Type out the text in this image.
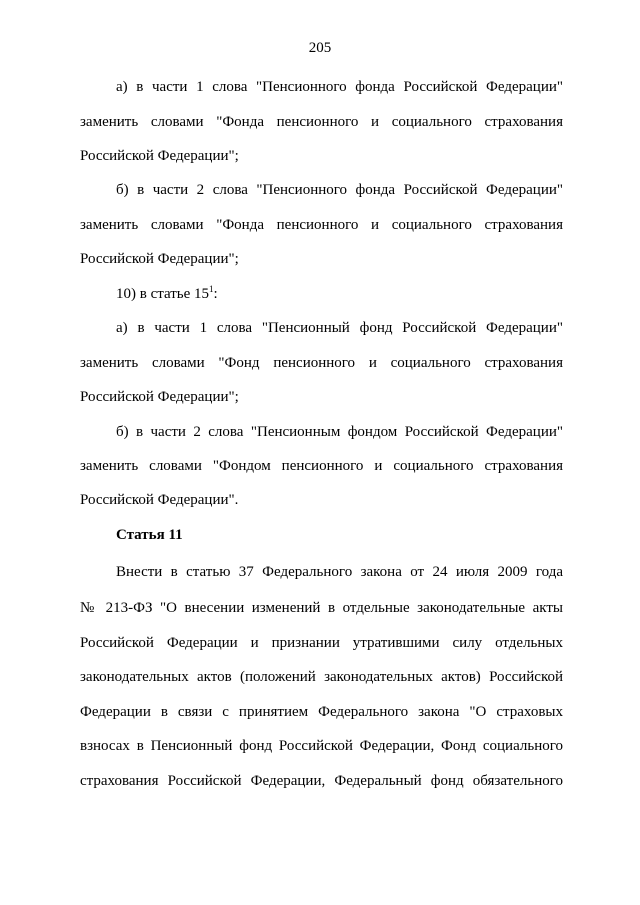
205
а) в части 1 слова "Пенсионного фонда Российской Федерации"
заменить словами "Фонда пенсионного и социального страхования
Российской Федерации";
б) в части 2 слова "Пенсионного фонда Российской Федерации"
заменить словами "Фонда пенсионного и социального страхования
Российской Федерации";
10) в статье $15^1$:
а) в части 1 слова "Пенсионный фонд Российской Федерации"
заменить словами "Фонд пенсионного и социального страхования
Российской Федерации";
б) в части 2 слова "Пенсионным фондом Российской Федерации"
заменить словами "Фондом пенсионного и социального страхования
Российской Федерации".
Статья 11
Внести в статью 37 Федерального закона от 24 июля 2009 года
№ 213-ФЗ "О внесении изменений в отдельные законодательные акты
Российской Федерации и признании утратившими силу отдельных
законодательных актов (положений законодательных актов) Российской
Федерации в связи с принятием Федерального закона "О страховых
взносах в Пенсионный фонд Российской Федерации, Фонд социального
страхования Российской Федерации, Федеральный фонд обязательного
